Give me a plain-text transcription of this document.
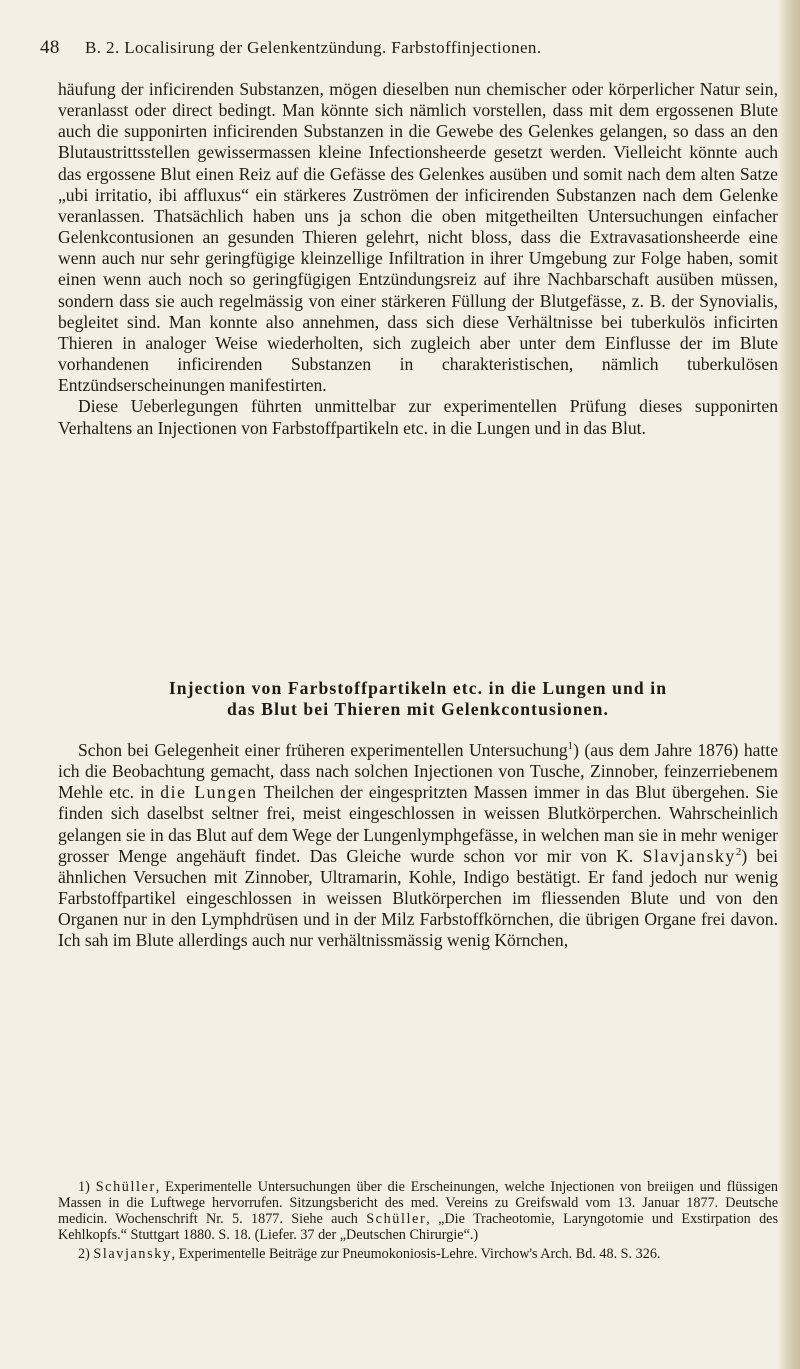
48 B. 2. Localisirung der Gelenkentzündung. Farbstoffinjectionen.

häufung der inficirenden Substanzen, mögen dieselben nun chemischer oder körperlicher Natur sein, veranlasst oder direct bedingt. Man könnte sich nämlich vorstellen, dass mit dem ergossenen Blute auch die supponirten inficirenden Substanzen in die Gewebe des Gelenkes gelangen, so dass an den Blutaustrittsstellen gewissermassen kleine Infectionsheerde gesetzt werden. Vielleicht könnte auch das ergossene Blut einen Reiz auf die Gefässe des Gelenkes ausüben und somit nach dem alten Satze „ubi irritatio, ibi affluxus“ ein stärkeres Zuströmen der inficirenden Substanzen nach dem Gelenke veranlassen. Thatsächlich haben uns ja schon die oben mitgetheilten Untersuchungen einfacher Gelenkcontusionen an gesunden Thieren gelehrt, nicht bloss, dass die Extravasationsheerde eine wenn auch nur sehr geringfügige kleinzellige Infiltration in ihrer Umgebung zur Folge haben, somit einen wenn auch noch so geringfügigen Entzündungsreiz auf ihre Nachbarschaft ausüben müssen, sondern dass sie auch regelmässig von einer stärkeren Füllung der Blutgefässe, z. B. der Synovialis, begleitet sind. Man konnte also annehmen, dass sich diese Verhältnisse bei tuberkulös inficirten Thieren in analoger Weise wiederholten, sich zugleich aber unter dem Einflusse der im Blute vorhandenen inficirenden Substanzen in charakteristischen, nämlich tuberkulösen Entzündserscheinungen manifestirten.

Diese Ueberlegungen führten unmittelbar zur experimentellen Prüfung dieses supponirten Verhaltens an Injectionen von Farbstoffpartikeln etc. in die Lungen und in das Blut.

Injection von Farbstoffpartikeln etc. in die Lungen und in
das Blut bei Thieren mit Gelenkcontusionen.

Schon bei Gelegenheit einer früheren experimentellen Untersuchung$^1$) (aus dem Jahre 1876) hatte ich die Beobachtung gemacht, dass nach solchen Injectionen von Tusche, Zinnober, feinzerriebenem Mehle etc. in die Lungen Theilchen der eingespritzten Massen immer in das Blut übergehen. Sie finden sich daselbst seltner frei, meist eingeschlossen in weissen Blutkörperchen. Wahrscheinlich gelangen sie in das Blut auf dem Wege der Lungenlymphgefässe, in welchen man sie in mehr weniger grosser Menge angehäuft findet. Das Gleiche wurde schon vor mir von K. Slavjansky$^2$) bei ähnlichen Versuchen mit Zinnober, Ultramarin, Kohle, Indigo bestätigt. Er fand jedoch nur wenig Farbstoffpartikel eingeschlossen in weissen Blutkörperchen im fliessenden Blute und von den Organen nur in den Lymphdrüsen und in der Milz Farbstoffkörnchen, die übrigen Organe frei davon. Ich sah im Blute allerdings auch nur verhältnissmässig wenig Körnchen,

1) Schüller, Experimentelle Untersuchungen über die Erscheinungen, welche Injectionen von breiigen und flüssigen Massen in die Luftwege hervorrufen. Sitzungsbericht des med. Vereins zu Greifswald vom 13. Januar 1877. Deutsche medicin. Wochenschrift Nr. 5. 1877. Siehe auch Schüller, „Die Tracheotomie, Laryngotomie und Exstirpation des Kehlkopfs.“ Stuttgart 1880. S. 18. (Liefer. 37 der „Deutschen Chirurgie“.)

2) Slavjansky, Experimentelle Beiträge zur Pneumokoniosis-Lehre. Virchow's Arch. Bd. 48. S. 326.
